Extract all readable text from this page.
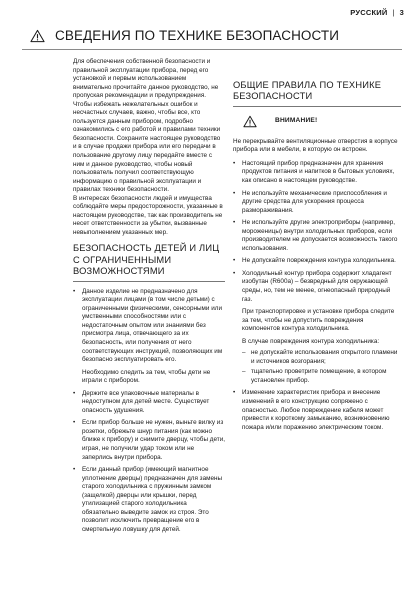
РУССКИЙ | 3
СВЕДЕНИЯ ПО ТЕХНИКЕ БЕЗОПАСНОСТИ

Для обеспечения собственной безопасности и правильной эксплуатации прибора, перед его установкой и первым использованием внимательно прочитайте данное руководство, не пропуская рекомендации и предупреждения. Чтобы избежать нежелательных ошибок и несчастных случаев, важно, чтобы все, кто пользуется данным прибором, подробно ознакомились с его работой и правилами техники безопасности. Сохраните настоящее руководство и в случае продажи прибора или его передачи в пользование другому лицу передайте вместе с ним и данное руководство, чтобы новый пользователь получил соответствующую информацию о правильной эксплуатации и правилах техники безопасности.

В интересах безопасности людей и имущества соблюдайте меры предосторожности, указанные в настоящем руководстве, так как производитель не несет ответственности за убытки, вызванные невыполнением указанных мер.

БЕЗОПАСНОСТЬ ДЕТЕЙ И ЛИЦ С ОГРАНИЧЕННЫМИ ВОЗМОЖНОСТЯМИ

• Данное изделие не предназначено для эксплуатации лицами (в том числе детьми) с ограниченными физическими, сенсорными или умственными способностями или с недостаточным опытом или знаниями без присмотра лица, отвечающего за их безопасность, или получения от него соответствующих инструкций, позволяющих им безопасно эксплуатировать его.

Необходимо следить за тем, чтобы дети не играли с прибором.

• Держите все упаковочные материалы в недоступном для детей месте. Существует опасность удушения.

• Если прибор больше не нужен, выньте вилку из розетки, обрежьте шнур питания (как можно ближе к прибору) и снимите дверцу, чтобы дети, играя, не получили удар током или не заперлись внутри прибора.

• Если данный прибор (имеющий магнитное уплотнение дверцы) предназначен для замены старого холодильника с пружинным замком (защелкой) дверцы или крышки, перед утилизацией старого холодильника обязательно выведите замок из строя. Это позволит исключить превращение его в смертельную ловушку для детей.

ОБЩИЕ ПРАВИЛА ПО ТЕХНИКЕ БЕЗОПАСНОСТИ
ВНИМАНИЕ!

Не перекрывайте вентиляционные отверстия в корпусе прибора или в мебели, в которую он встроен.

• Настоящий прибор предназначен для хранения продуктов питания и напитков в бытовых условиях, как описано в настоящем руководстве.

• Не используйте механические приспособления и другие средства для ускорения процесса размораживания.

• Не используйте другие электроприборы (например, мороженицы) внутри холодильных приборов, если производителем не допускается возможность такого использования.

• Не допускайте повреждения контура холодильника.

• Холодильный контур прибора содержит хладагент изобутан (R600a) – безвредный для окружающей среды, но, тем не менее, огнеопасный природный газ.

При транспортировке и установке прибора следите за тем, чтобы не допустить повреждения компонентов контура холодильника.

В случае повреждения контура холодильника:

– не допускайте использования открытого пламени и источников возгорания;
– тщательно проветрите помещение, в котором установлен прибор.

• Изменение характеристик прибора и внесение изменений в его конструкцию сопряжено с опасностью. Любое повреждение кабеля может привести к короткому замыканию, возникновению пожара и/или поражению электрическим током.
